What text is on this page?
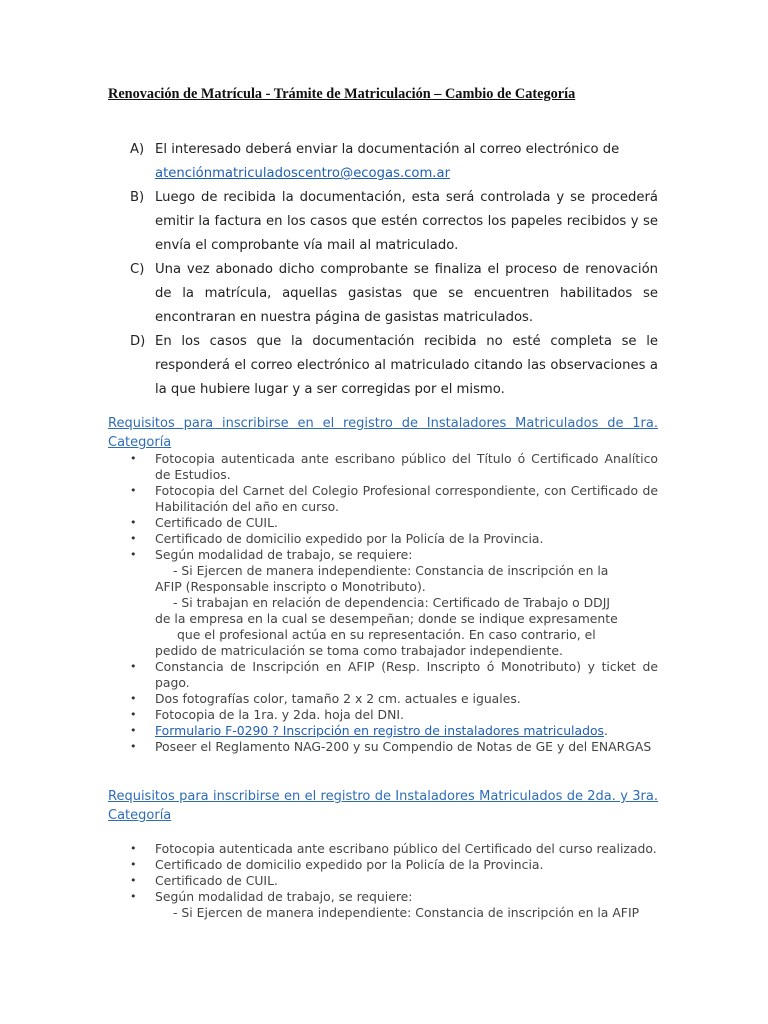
Renovación de Matrícula - Trámite de Matriculación – Cambio de Categoría
A) El interesado deberá enviar la documentación al correo electrónico de
atenciónmatriculadoscentro@ecogas.com.ar
B) Luego de recibida la documentación, esta será controlada y se procederá emitir la factura en los casos que estén correctos los papeles recibidos y se envía el comprobante vía mail al matriculado.
C) Una vez abonado dicho comprobante se finaliza el proceso de renovación de la matrícula, aquellas gasistas que se encuentren habilitados se encontraran en nuestra página de gasistas matriculados.
D) En los casos que la documentación recibida no esté completa se le responderá el correo electrónico al matriculado citando las observaciones a la que hubiere lugar y a ser corregidas por el mismo.
Requisitos para inscribirse en el registro de Instaladores Matriculados de 1ra. Categoría
•	Fotocopia autenticada ante escribano público del Título ó Certificado Analítico de Estudios.
•	Fotocopia del Carnet del Colegio Profesional correspondiente, con Certificado de Habilitación del año en curso.
•	Certificado de CUIL.
•	Certificado de domicilio expedido por la Policía de la Provincia.
•	Según modalidad de trabajo, se requiere:
- Si Ejercen de manera independiente: Constancia de inscripción en la
AFIP (Responsable inscripto o Monotributo).
- Si trabajan en relación de dependencia: Certificado de Trabajo o DDJJ
de la empresa en la cual se desempeñan; donde se indique expresamente
que el profesional actúa en su representación. En caso contrario, el
pedido de matriculación se toma como trabajador independiente.
•	Constancia de Inscripción en AFIP (Resp. Inscripto ó Monotributo) y ticket de pago.
•	Dos fotografías color, tamaño 2 x 2 cm. actuales e iguales.
•	Fotocopia de la 1ra. y 2da. hoja del DNI.
•	Formulario F-0290 ? Inscripción en registro de instaladores matriculados.
•	Poseer el Reglamento NAG-200 y su Compendio de Notas de GE y del ENARGAS
Requisitos para inscribirse en el registro de Instaladores Matriculados de 2da. y 3ra. Categoría
•	Fotocopia autenticada ante escribano público del Certificado del curso realizado.
•	Certificado de domicilio expedido por la Policía de la Provincia.
•	Certificado de CUIL.
•	Según modalidad de trabajo, se requiere:
- Si Ejercen de manera independiente: Constancia de inscripción en la AFIP
